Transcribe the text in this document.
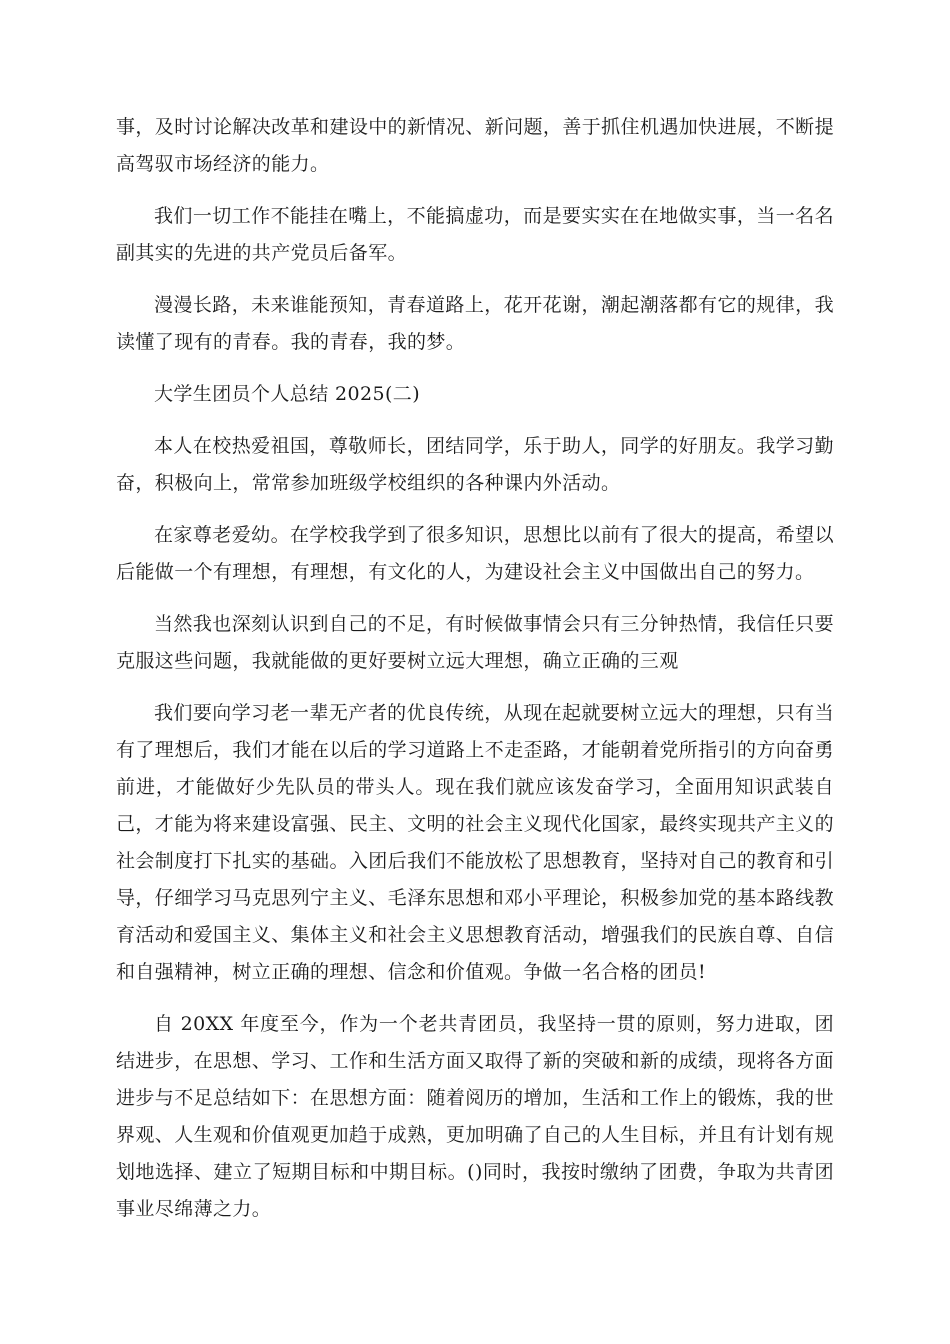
事，及时讨论解决改革和建设中的新情况、新问题，善于抓住机遇加快进展，不断提高驾驭市场经济的能力。

我们一切工作不能挂在嘴上，不能搞虚功，而是要实实在在地做实事，当一名名副其实的先进的共产党员后备军。

漫漫长路，未来谁能预知，青春道路上，花开花谢，潮起潮落都有它的规律，我读懂了现有的青春。我的青春，我的梦。

大学生团员个人总结 2025(二)

本人在校热爱祖国，尊敬师长，团结同学，乐于助人，同学的好朋友。我学习勤奋，积极向上，常常参加班级学校组织的各种课内外活动。

在家尊老爱幼。在学校我学到了很多知识，思想比以前有了很大的提高，希望以后能做一个有理想，有理想，有文化的人，为建设社会主义中国做出自己的努力。

当然我也深刻认识到自己的不足，有时候做事情会只有三分钟热情，我信任只要克服这些问题，我就能做的更好要树立远大理想，确立正确的三观

我们要向学习老一辈无产者的优良传统，从现在起就要树立远大的理想，只有当有了理想后，我们才能在以后的学习道路上不走歪路，才能朝着党所指引的方向奋勇前进，才能做好少先队员的带头人。现在我们就应该发奋学习，全面用知识武装自己，才能为将来建设富强、民主、文明的社会主义现代化国家，最终实现共产主义的社会制度打下扎实的基础。入团后我们不能放松了思想教育，坚持对自己的教育和引导，仔细学习马克思列宁主义、毛泽东思想和邓小平理论，积极参加党的基本路线教育活动和爱国主义、集体主义和社会主义思想教育活动，增强我们的民族自尊、自信和自强精神，树立正确的理想、信念和价值观。争做一名合格的团员!

自 20XX 年度至今，作为一个老共青团员，我坚持一贯的原则，努力进取，团结进步，在思想、学习、工作和生活方面又取得了新的突破和新的成绩，现将各方面进步与不足总结如下：在思想方面：随着阅历的增加，生活和工作上的锻炼，我的世界观、人生观和价值观更加趋于成熟，更加明确了自己的人生目标，并且有计划有规划地选择、建立了短期目标和中期目标。()同时，我按时缴纳了团费，争取为共青团事业尽绵薄之力。
